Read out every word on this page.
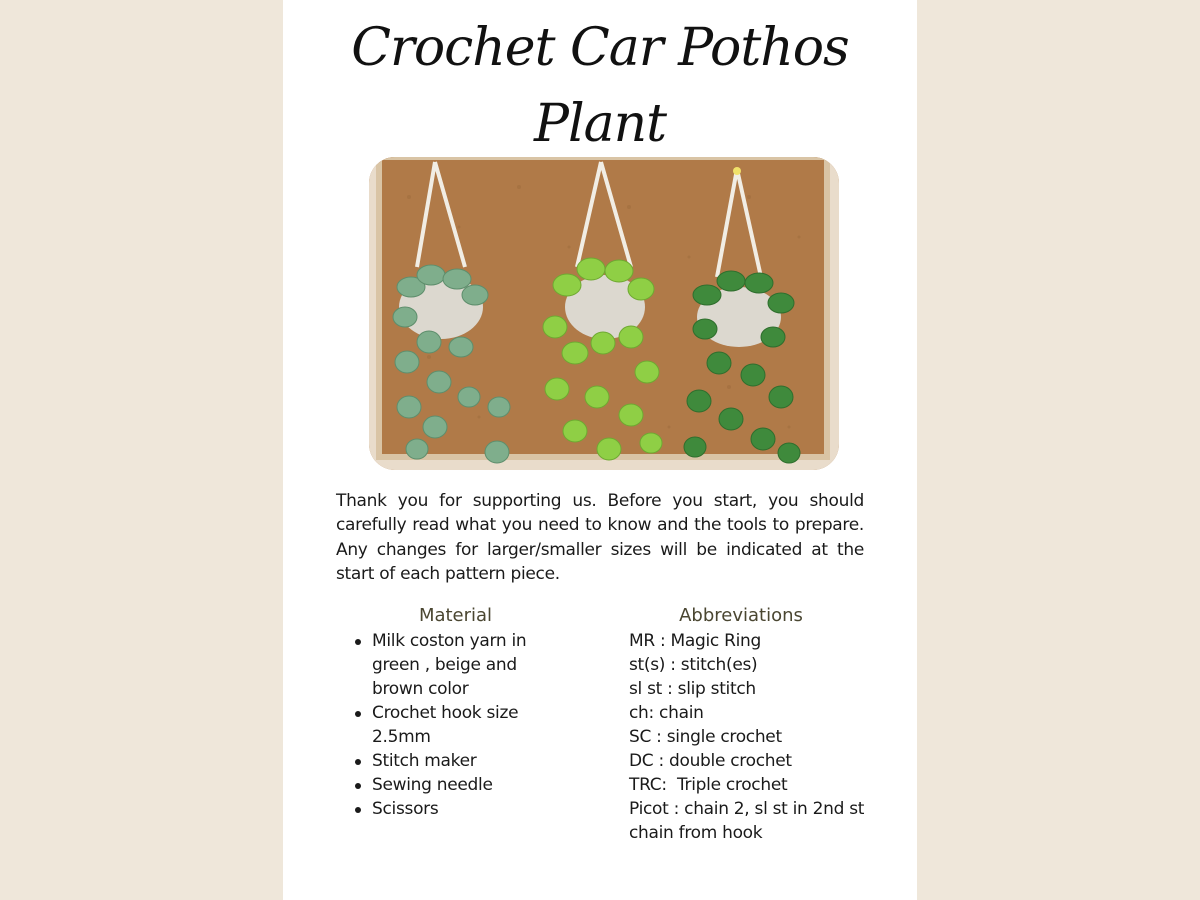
Crochet Car Pothos Plant

Thank you for supporting us. Before you start, you should carefully read what you need to know and the tools to prepare. Any changes for larger/smaller sizes will be indicated at the start of each pattern piece.

Material
Milk coston yarn in green , beige and brown color
Crochet hook size 2.5mm
Stitch maker
Sewing needle
Scissors
Abbreviations
MR : Magic Ring
st(s) : stitch(es)
sl st : slip stitch
ch: chain
SC : single crochet
DC : double crochet
TRC:  Triple crochet
Picot : chain 2, sl st in 2nd st chain from hook
